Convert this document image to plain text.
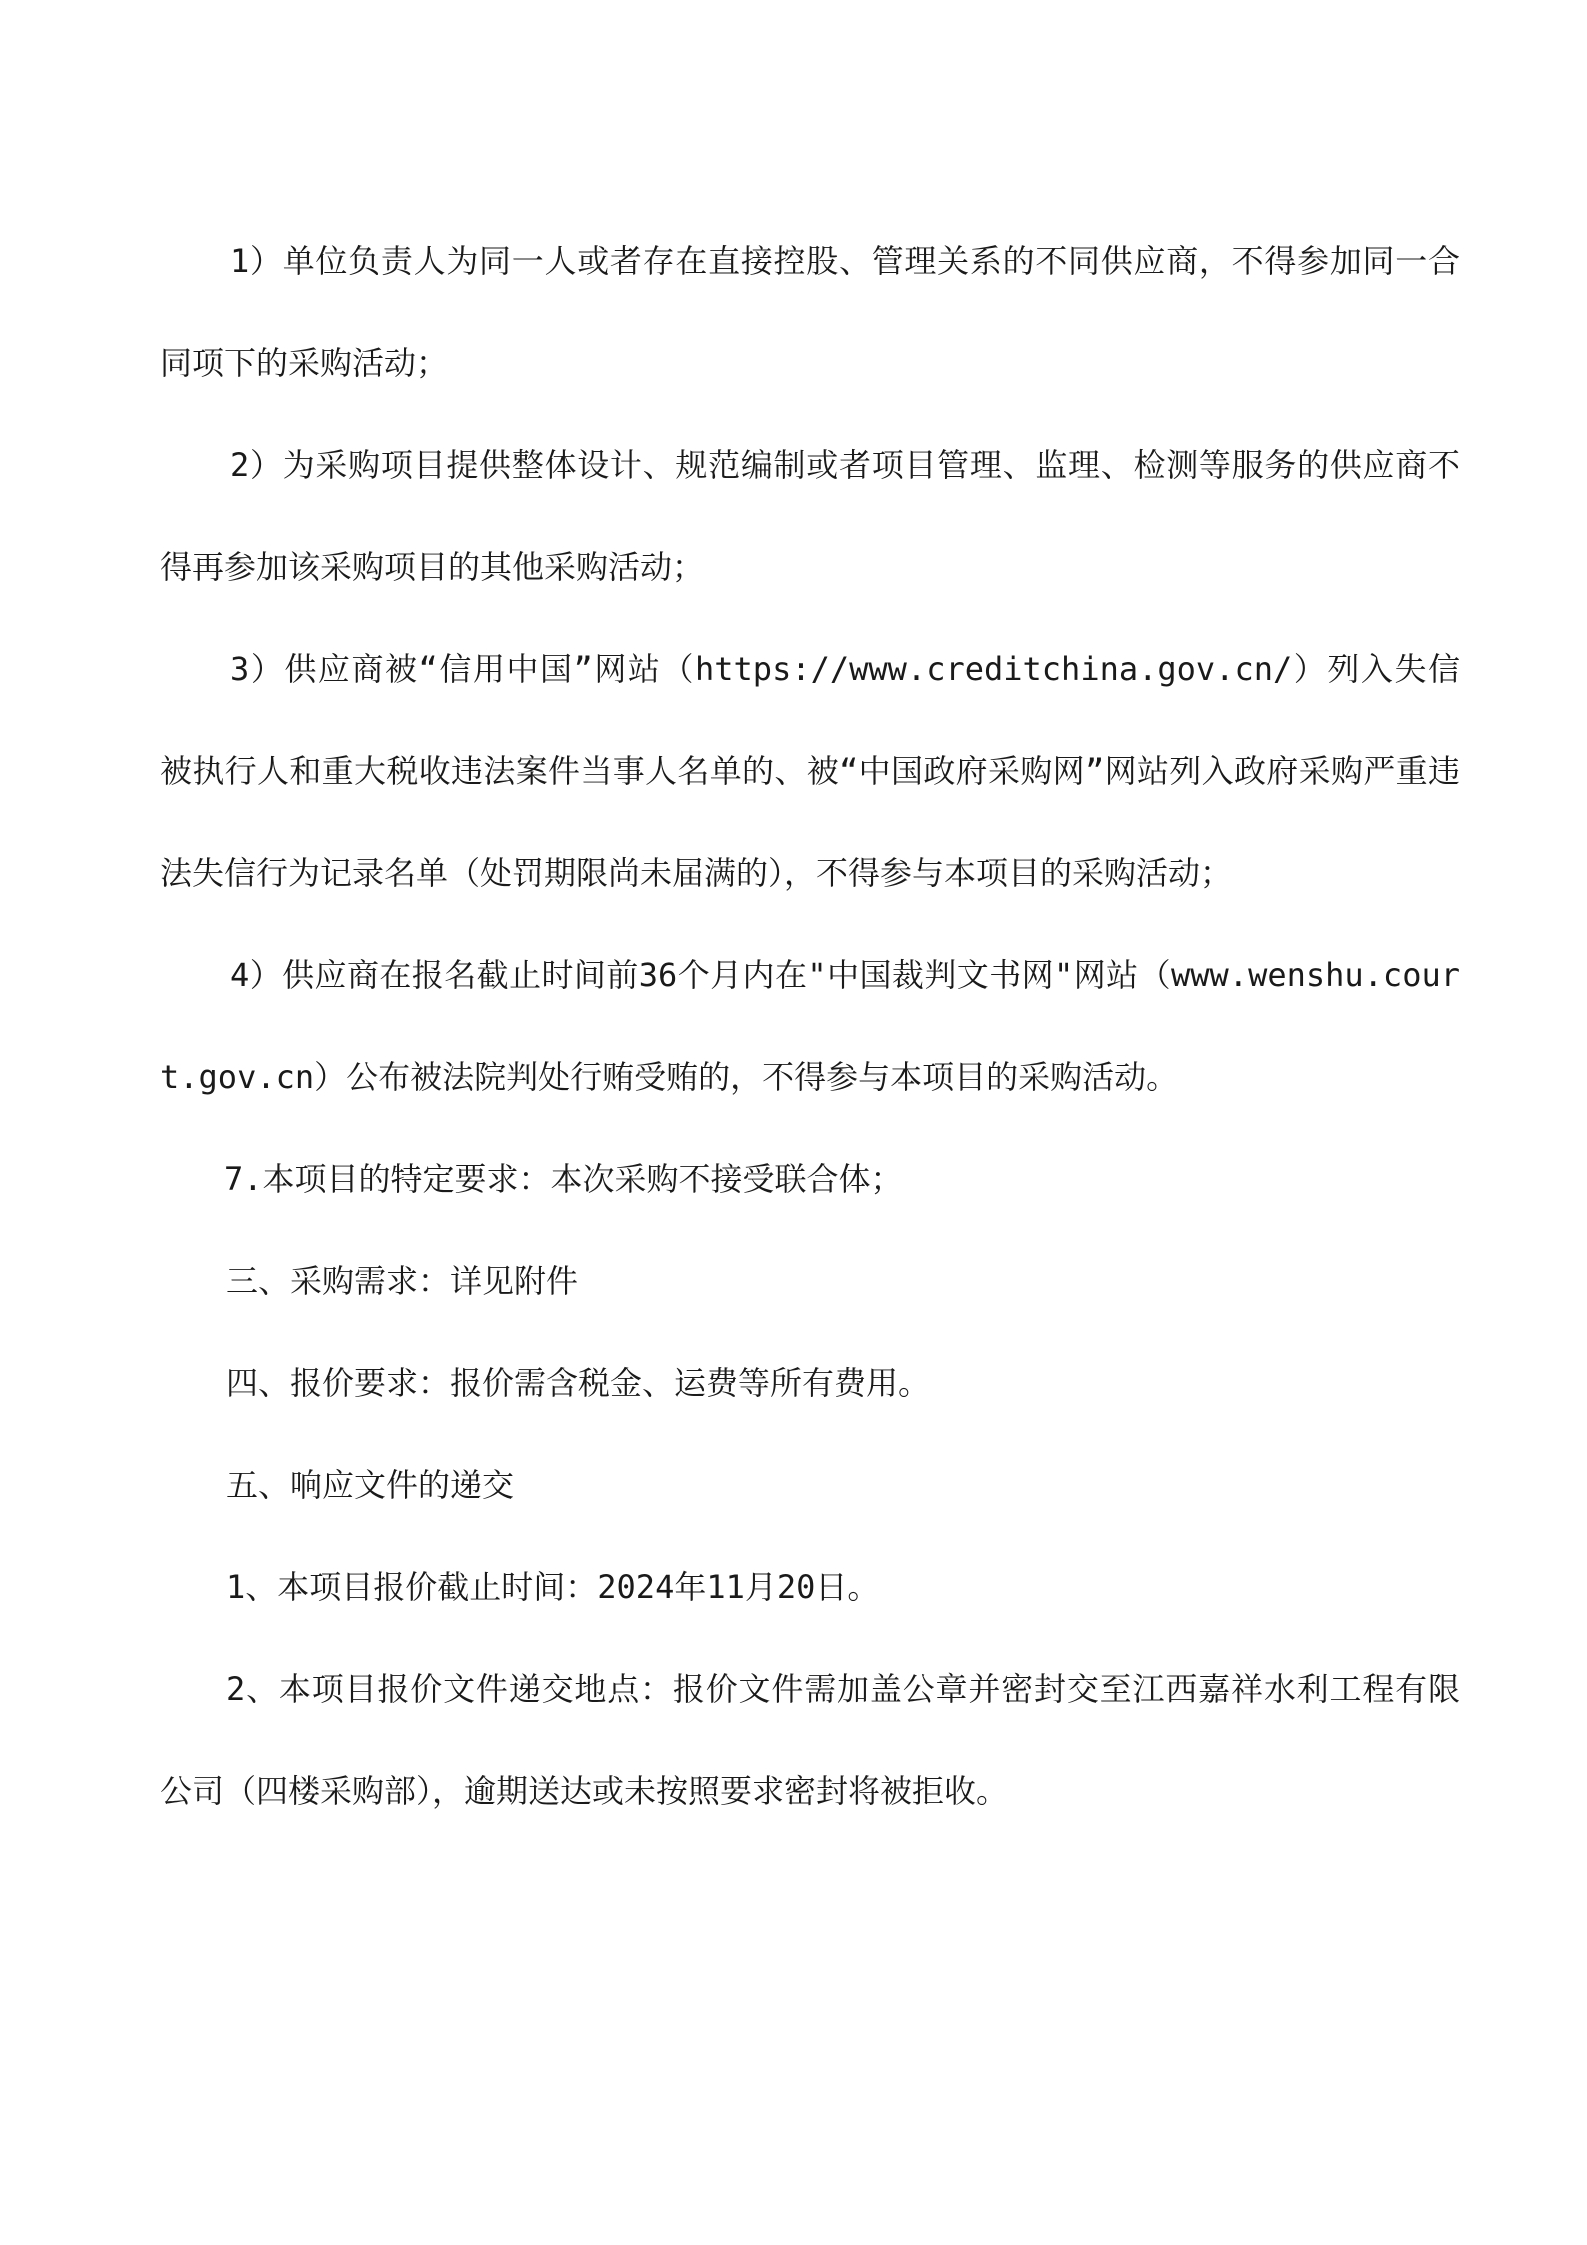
1）单位负责人为同一人或者存在直接控股、管理关系的不同供应商，不得参加同一合同项下的采购活动；

2）为采购项目提供整体设计、规范编制或者项目管理、监理、检测等服务的供应商不得再参加该采购项目的其他采购活动；

3）供应商被“信用中国”网站（https://www.creditchina.gov.cn/）列入失信被执行人和重大税收违法案件当事人名单的、被“中国政府采购网”网站列入政府采购严重违法失信行为记录名单（处罚期限尚未届满的），不得参与本项目的采购活动；

4）供应商在报名截止时间前36个月内在"中国裁判文书网"网站（www.wenshu.court.gov.cn）公布被法院判处行贿受贿的，不得参与本项目的采购活动。

7.本项目的特定要求：本次采购不接受联合体；

三、采购需求：详见附件

四、报价要求：报价需含税金、运费等所有费用。

五、响应文件的递交

1、本项目报价截止时间：2024年11月20日。

2、本项目报价文件递交地点：报价文件需加盖公章并密封交至江西嘉祥水利工程有限公司（四楼采购部），逾期送达或未按照要求密封将被拒收。
